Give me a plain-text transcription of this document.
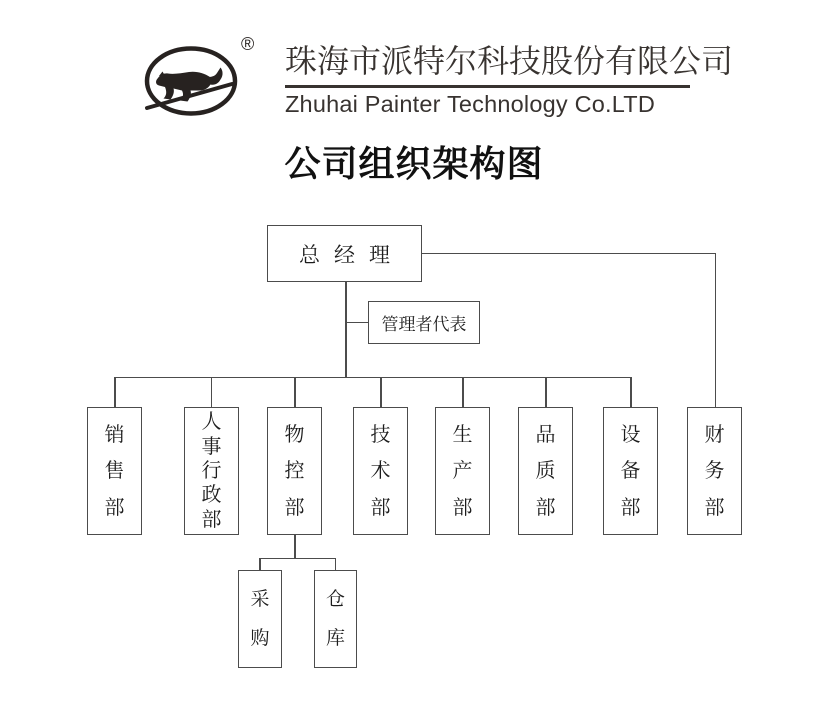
® 珠海市派特尔科技股份有限公司
Zhuhai Painter Technology Co.LTD
公司组织架构图
总 经 理
管理者代表
销
售
部
人
事
行
政
部
物
控
部
技
术
部
生
产
部
品
质
部
设
备
部
财
务
部
采
购
仓
库
